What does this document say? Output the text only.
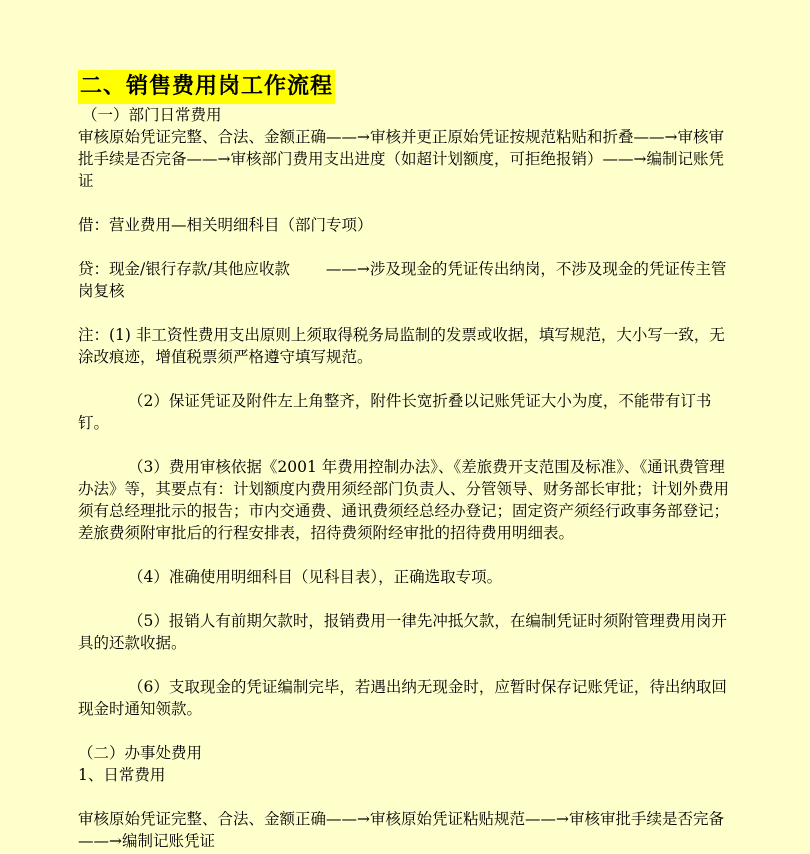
二、销售费用岗工作流程

（一）部门日常费用

审核原始凭证完整、合法、金额正确——→审核并更正原始凭证按规范粘贴和折叠——→审核审批手续是否完备——→审核部门费用支出进度（如超计划额度，可拒绝报销）——→编制记账凭证

借：营业费用—相关明细科目（部门专项）

贷：现金/银行存款/其他应收款　　 ——→涉及现金的凭证传出纳岗，不涉及现金的凭证传主管岗复核

注：(1) 非工资性费用支出原则上须取得税务局监制的发票或收据，填写规范，大小写一致，无涂改痕迹，增值税票须严格遵守填写规范。

（2）保证凭证及附件左上角整齐，附件长宽折叠以记账凭证大小为度，不能带有订书钉。

（3）费用审核依据《2001 年费用控制办法》、《差旅费开支范围及标准》、《通讯费管理办法》等，其要点有：计划额度内费用须经部门负责人、分管领导、财务部长审批；计划外费用须有总经理批示的报告；市内交通费、通讯费须经总经办登记；固定资产须经行政事务部登记；差旅费须附审批后的行程安排表，招待费须附经审批的招待费用明细表。

（4）准确使用明细科目（见科目表），正确选取专项。

（5）报销人有前期欠款时，报销费用一律先冲抵欠款，在编制凭证时须附管理费用岗开具的还款收据。

（6）支取现金的凭证编制完毕，若遇出纳无现金时，应暂时保存记账凭证，待出纳取回现金时通知领款。

（二）办事处费用

1、日常费用

审核原始凭证完整、合法、金额正确——→审核原始凭证粘贴规范——→审核审批手续是否完备——→编制记账凭证
